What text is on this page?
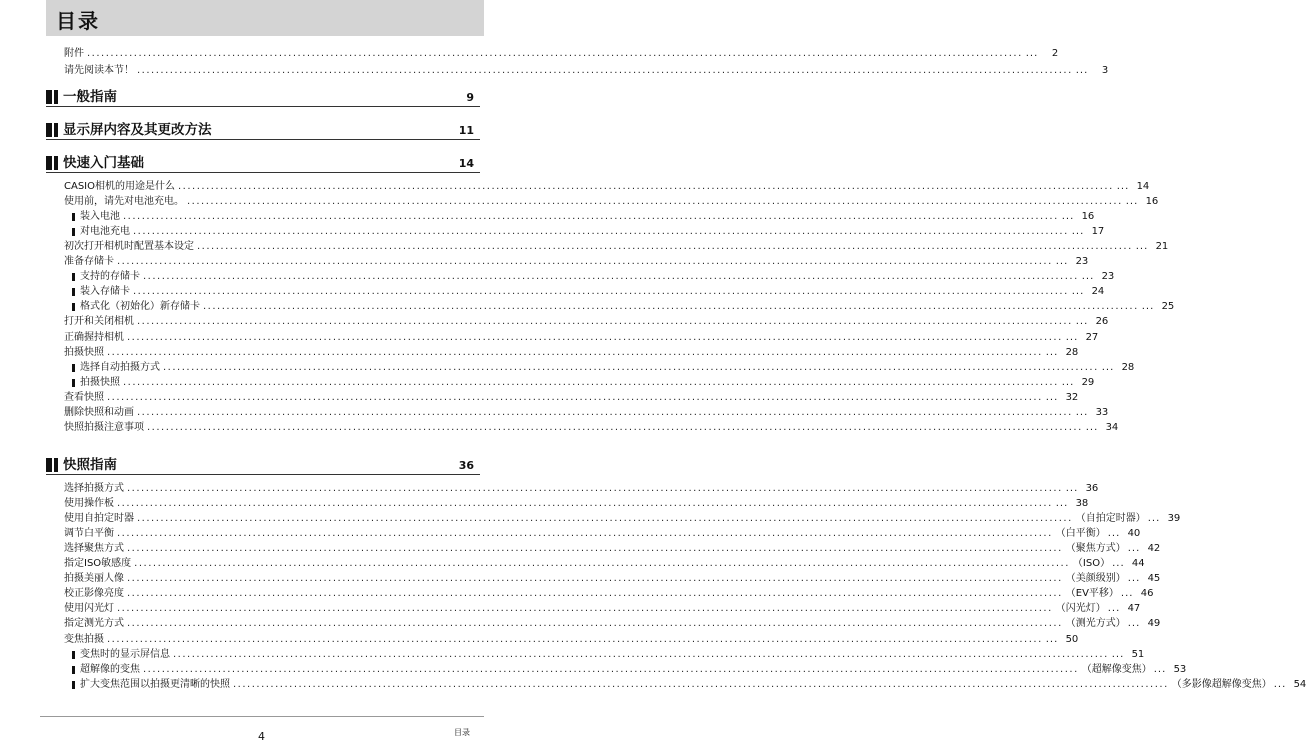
目录
附件 ........................................................................................................................................................................................................ ...	2
请先阅读本节！ ........................................................................................................................................................................................................ ...	3
一般指南	9
显示屏内容及其更改方法	11
快速入门基础	14
CASIO相机的用途是什么 ........................................................................................................................................................................................................ ... 14
使用前，请先对电池充电。 ........................................................................................................................................................................................................ ... 16
装入电池 ........................................................................................................................................................................................................ ... 16
对电池充电 ........................................................................................................................................................................................................ ... 17
初次打开相机时配置基本设定 ........................................................................................................................................................................................................ ... 21
准备存储卡 ........................................................................................................................................................................................................ ... 23
支持的存储卡 ........................................................................................................................................................................................................ ... 23
装入存储卡 ........................................................................................................................................................................................................ ... 24
格式化（初始化）新存储卡 ........................................................................................................................................................................................................ ... 25
打开和关闭相机 ........................................................................................................................................................................................................ ... 26
正确握持相机 ........................................................................................................................................................................................................ ... 27
拍摄快照 ........................................................................................................................................................................................................ ... 28
选择自动拍摄方式 ........................................................................................................................................................................................................ ... 28
拍摄快照 ........................................................................................................................................................................................................ ... 29
查看快照 ........................................................................................................................................................................................................ ... 32
删除快照和动画 ........................................................................................................................................................................................................ ... 33
快照拍摄注意事项 ........................................................................................................................................................................................................ ... 34
快照指南	36
选择拍摄方式 ........................................................................................................................................................................................................ ... 36
使用操作板 ........................................................................................................................................................................................................ ... 38
使用自拍定时器 ........................................................................................................................................................................................................ （自拍定时器） ... 39
调节白平衡 ........................................................................................................................................................................................................ （白平衡） ... 40
选择聚焦方式 ........................................................................................................................................................................................................ （聚焦方式） ... 42
指定ISO敏感度 ........................................................................................................................................................................................................ （ISO） ... 44
拍摄美丽人像 ........................................................................................................................................................................................................ （美颜级别） ... 45
校正影像亮度 ........................................................................................................................................................................................................ （EV平移） ... 46
使用闪光灯 ........................................................................................................................................................................................................ （闪光灯） ... 47
指定测光方式 ........................................................................................................................................................................................................ （测光方式） ... 49
变焦拍摄 ........................................................................................................................................................................................................ ... 50
变焦时的显示屏信息 ........................................................................................................................................................................................................ ... 51
超解像的变焦 ........................................................................................................................................................................................................ （超解像变焦） ... 53
扩大变焦范围以拍摄更清晰的快照 ........................................................................................................................................................................................................ （多影像超解像变焦） ... 54
4	目录
